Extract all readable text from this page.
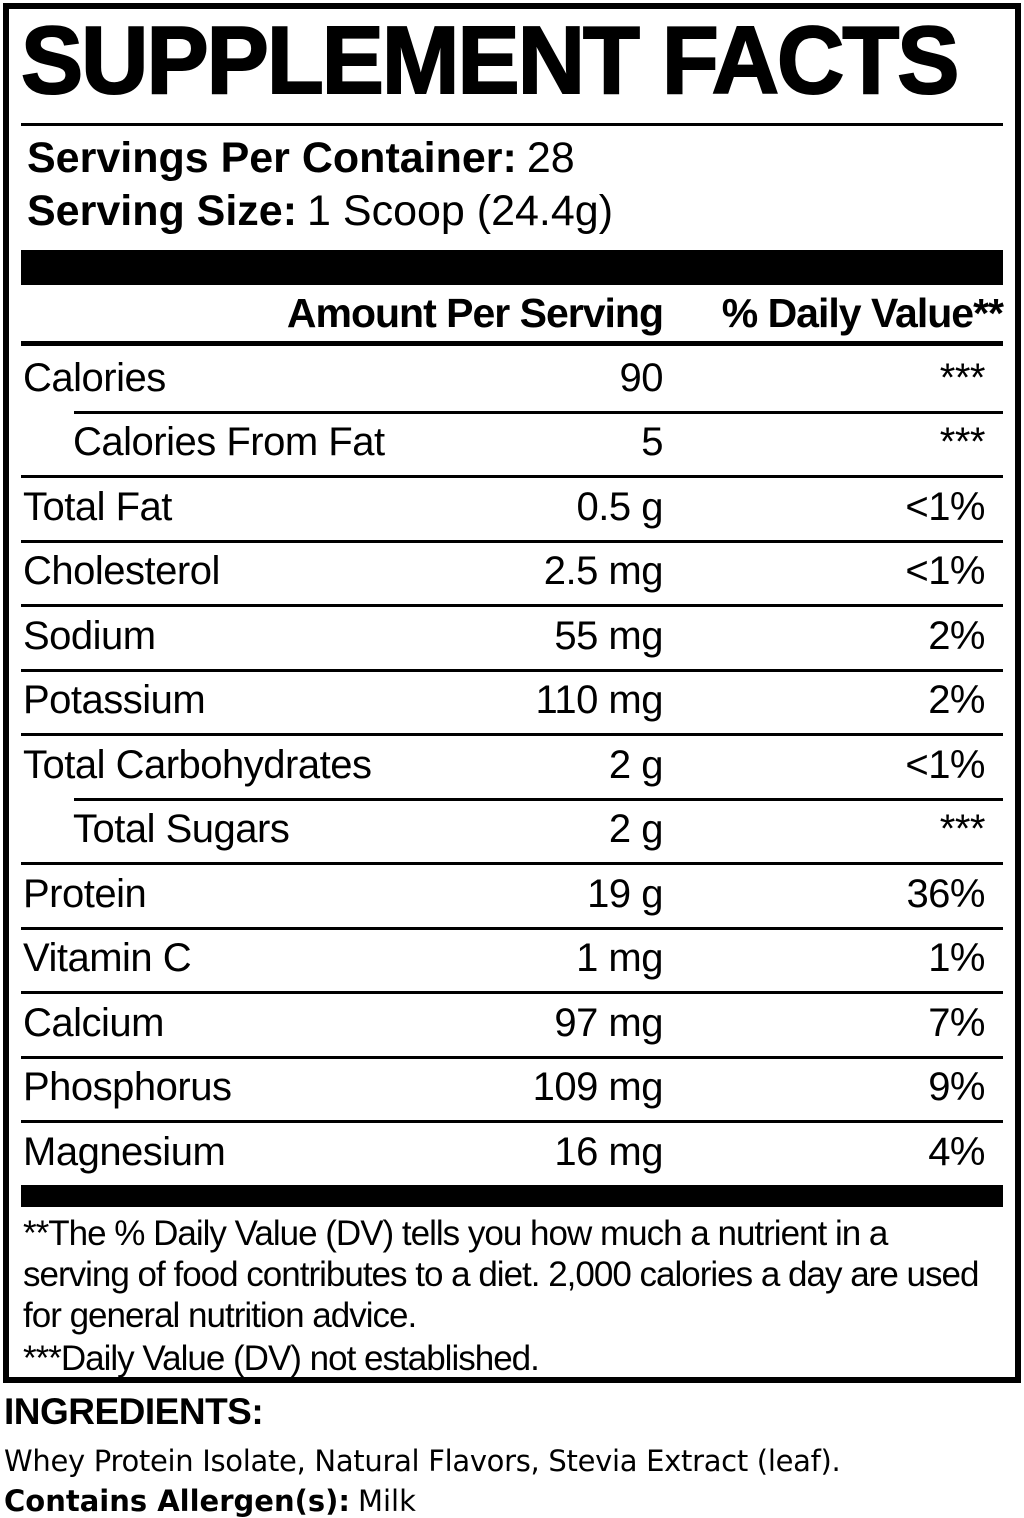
SUPPLEMENT FACTS
Servings Per Container: 28
Serving Size: 1 Scoop (24.4g)
Amount Per Serving	% Daily Value**
Calories	90	***
Calories From Fat	5	***
Total Fat	0.5 g	<1%
Cholesterol	2.5 mg	<1%
Sodium	55 mg	2%
Potassium	110 mg	2%
Total Carbohydrates	2 g	<1%
Total Sugars	2 g	***
Protein	19 g	36%
Vitamin C	1 mg	1%
Calcium	97 mg	7%
Phosphorus	109 mg	9%
Magnesium	16 mg	4%
**The % Daily Value (DV) tells you how much a nutrient in a serving of food contributes to a diet. 2,000 calories a day are used for general nutrition advice.
***Daily Value (DV) not established.
INGREDIENTS:
Whey Protein Isolate, Natural Flavors, Stevia Extract (leaf).
Contains Allergen(s): Milk
